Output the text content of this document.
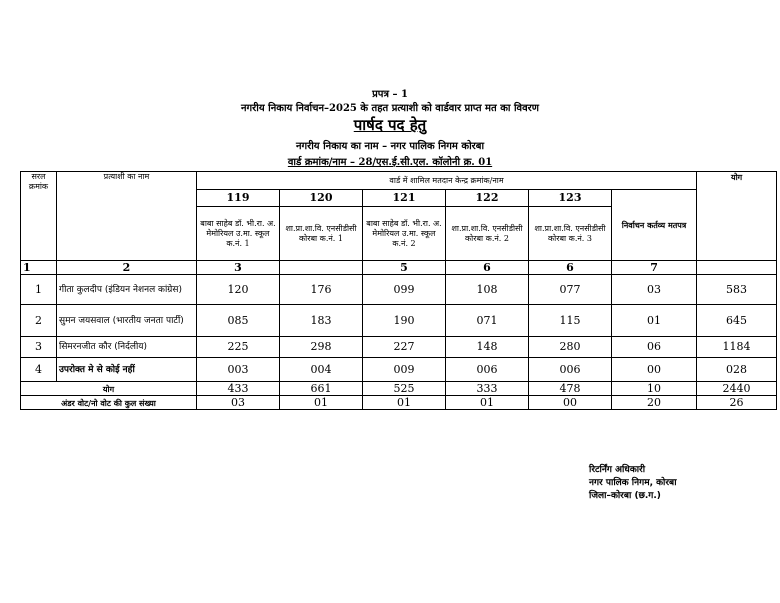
प्रपत्र – 1
नगरीय निकाय निर्वाचन–2025 के तहत प्रत्याशी को वार्डवार प्राप्त मत का विवरण
पार्षद पद हेतु
नगरीय निकाय का नाम – नगर पालिक निगम कोरबा
वार्ड क्रमांक/नाम – 28/एस.ई.सी.एल. कॉलोनी क्र. 01
सरल क्रमांक	प्रत्याशी का नाम	वार्ड में शामिल मतदान केन्द्र क्रमांक/नाम						योग
		119	120	121	122	123	निर्वाचन कर्तव्य मतपत्र	
		बाबा साहेब डॉ. भी.रा. अ. मेमोरियल उ.मा. स्कूल क.नं. 1	शा.प्रा.शा.वि. एनसीडीसी कोरबा क.नं. 1	बाबा साहेब डॉ. भी.रा. अ. मेमोरियल उ.मा. स्कूल क.नं. 2	शा.प्रा.शा.वि. एनसीडीसी कोरबा क.नं. 2	शा.प्रा.शा.वि. एनसीडीसी कोरबा क.नं. 3		
1	2	3		5	6	6	7	
1	गीता कुलदीप (इंडियन नेशनल कांग्रेस)	120	176	099	108	077	03	583
2	सुमन जयसवाल (भारतीय जनता पार्टी)	085	183	190	071	115	01	645
3	सिमरनजीत कौर (निर्दलीय)	225	298	227	148	280	06	1184
4	उपरोक्त मे से कोई नहीं	003	004	009	006	006	00	028
योग		433	661	525	333	478	10	2440
अंडर वोट/नो वोट की कुल संख्या		03	01	01	01	00	20	26
रिटर्निंग अधिकारी
नगर पालिक निगम, कोरबा
जिला–कोरबा (छ.ग.)
